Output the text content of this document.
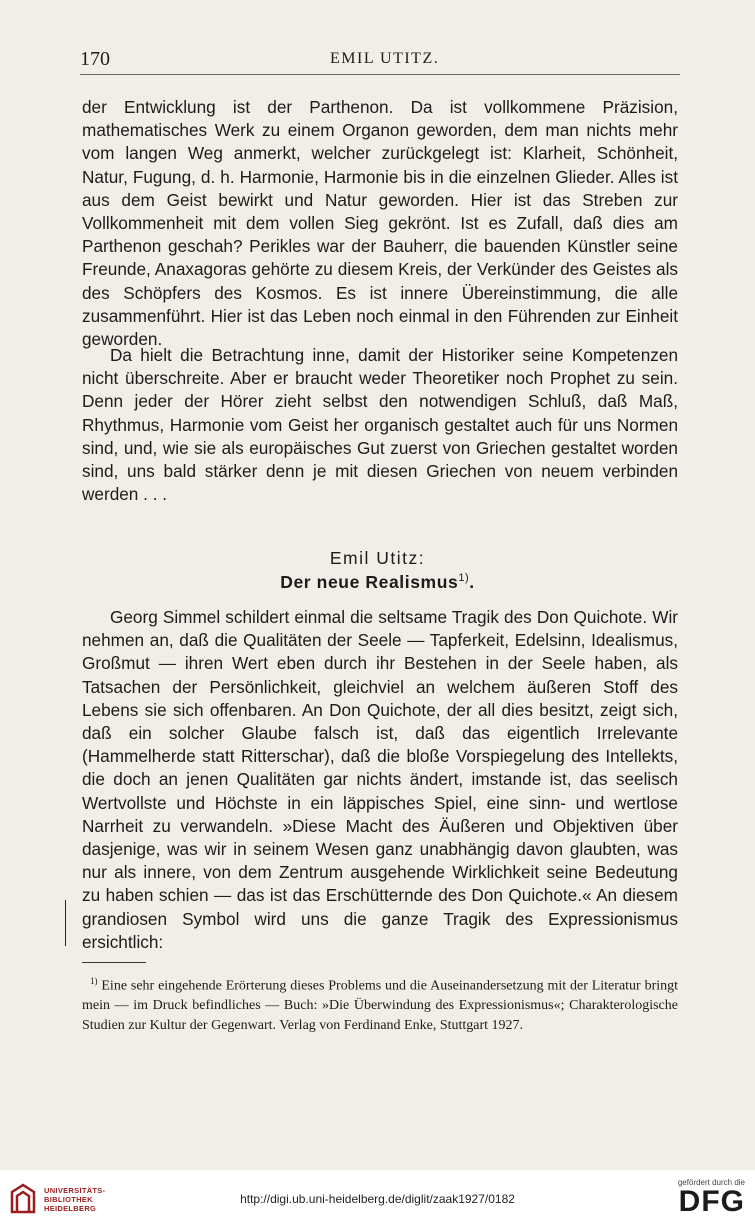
170	EMIL UTITZ.

der Entwicklung ist der Parthenon. Da ist vollkommene Präzision, mathematisches Werk zu einem Organon geworden, dem man nichts mehr vom langen Weg anmerkt, welcher zurückgelegt ist: Klarheit, Schönheit, Natur, Fugung, d. h. Harmonie, Harmonie bis in die einzelnen Glieder. Alles ist aus dem Geist bewirkt und Natur geworden. Hier ist das Streben zur Vollkommenheit mit dem vollen Sieg gekrönt. Ist es Zufall, daß dies am Parthenon geschah? Perikles war der Bauherr, die bauenden Künstler seine Freunde, Anaxagoras gehörte zu diesem Kreis, der Verkünder des Geistes als des Schöpfers des Kosmos. Es ist innere Übereinstimmung, die alle zusammenführt. Hier ist das Leben noch einmal in den Führenden zur Einheit geworden.

Da hielt die Betrachtung inne, damit der Historiker seine Kompetenzen nicht überschreite. Aber er braucht weder Theoretiker noch Prophet zu sein. Denn jeder der Hörer zieht selbst den notwendigen Schluß, daß Maß, Rhythmus, Harmonie vom Geist her organisch gestaltet auch für uns Normen sind, und, wie sie als europäisches Gut zuerst von Griechen gestaltet worden sind, uns bald stärker denn je mit diesen Griechen von neuem verbinden werden . . .

Emil Utitz:
Der neue Realismus$^{1)}$.

Georg Simmel schildert einmal die seltsame Tragik des Don Quichote. Wir nehmen an, daß die Qualitäten der Seele — Tapferkeit, Edelsinn, Idealismus, Großmut — ihren Wert eben durch ihr Bestehen in der Seele haben, als Tatsachen der Persönlichkeit, gleichviel an welchem äußeren Stoff des Lebens sie sich offenbaren. An Don Quichote, der all dies besitzt, zeigt sich, daß ein solcher Glaube falsch ist, daß das eigentlich Irrelevante (Hammelherde statt Ritterschar), daß die bloße Vorspiegelung des Intellekts, die doch an jenen Qualitäten gar nichts ändert, imstande ist, das seelisch Wertvollste und Höchste in ein läppisches Spiel, eine sinn- und wertlose Narrheit zu verwandeln. »Diese Macht des Äußeren und Objektiven über dasjenige, was wir in seinem Wesen ganz unabhängig davon glaubten, was nur als innere, von dem Zentrum ausgehende Wirklichkeit seine Bedeutung zu haben schien — das ist das Erschütternde des Don Quichote.« An diesem grandiosen Symbol wird uns die ganze Tragik des Expressionismus ersichtlich:

$^{1)}$ Eine sehr eingehende Erörterung dieses Problems und die Auseinandersetzung mit der Literatur bringt mein — im Druck befindliches — Buch: »Die Überwindung des Expressionismus«; Charakterologische Studien zur Kultur der Gegenwart. Verlag von Ferdinand Enke, Stuttgart 1927.

UNIVERSITÄTS-
BIBLIOTHEK
HEIDELBERG
http://digi.ub.uni-heidelberg.de/diglit/zaak1927/0182
gefördert durch die
DFG
